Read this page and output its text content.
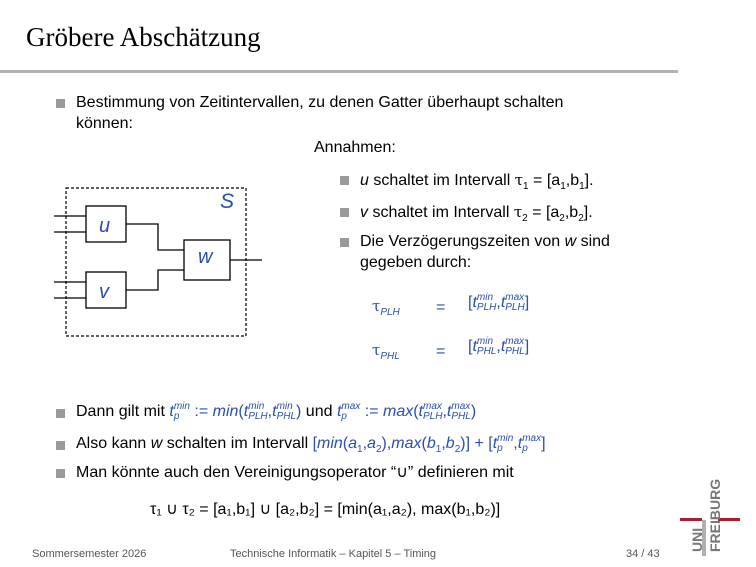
Gröbere Abschätzung
Bestimmung von Zeitintervallen, zu denen Gatter überhaupt schalten
können:
Annahmen:
u schaltet im Intervall $\tau_1 = [a_1,b_1]$.
v schaltet im Intervall $\tau_2 = [a_2,b_2]$.
Die Verzögerungszeiten von w sind
gegeben durch:
S
u
v
w
$\tau_{PLH} = [t$ min
PLH ,t max
PLH ]
$\tau_{PHL} = [t$ min
PHL ,t max
PHL ]
Dann gilt mit t min
p := min(t min
PLH ,t min
PHL ) und t max
p := max(t max
PLH ,t max
PHL )
Also kann w schalten im Intervall $[\min(a_1,a_2),\max(b_1,b_2)] + [t$ min
p ,t max
p ]
Man könnte auch den Vereinigungsoperator “∪” definieren mit
τ₁ ∪ τ₂ = [a₁,b₁] ∪ [a₂,b₂] = [min(a₁,a₂), max(b₁,b₂)]
Sommersemester 2026	Technische Informatik – Kapitel 5 – Timing	34 / 43
UNI FREIBURG
